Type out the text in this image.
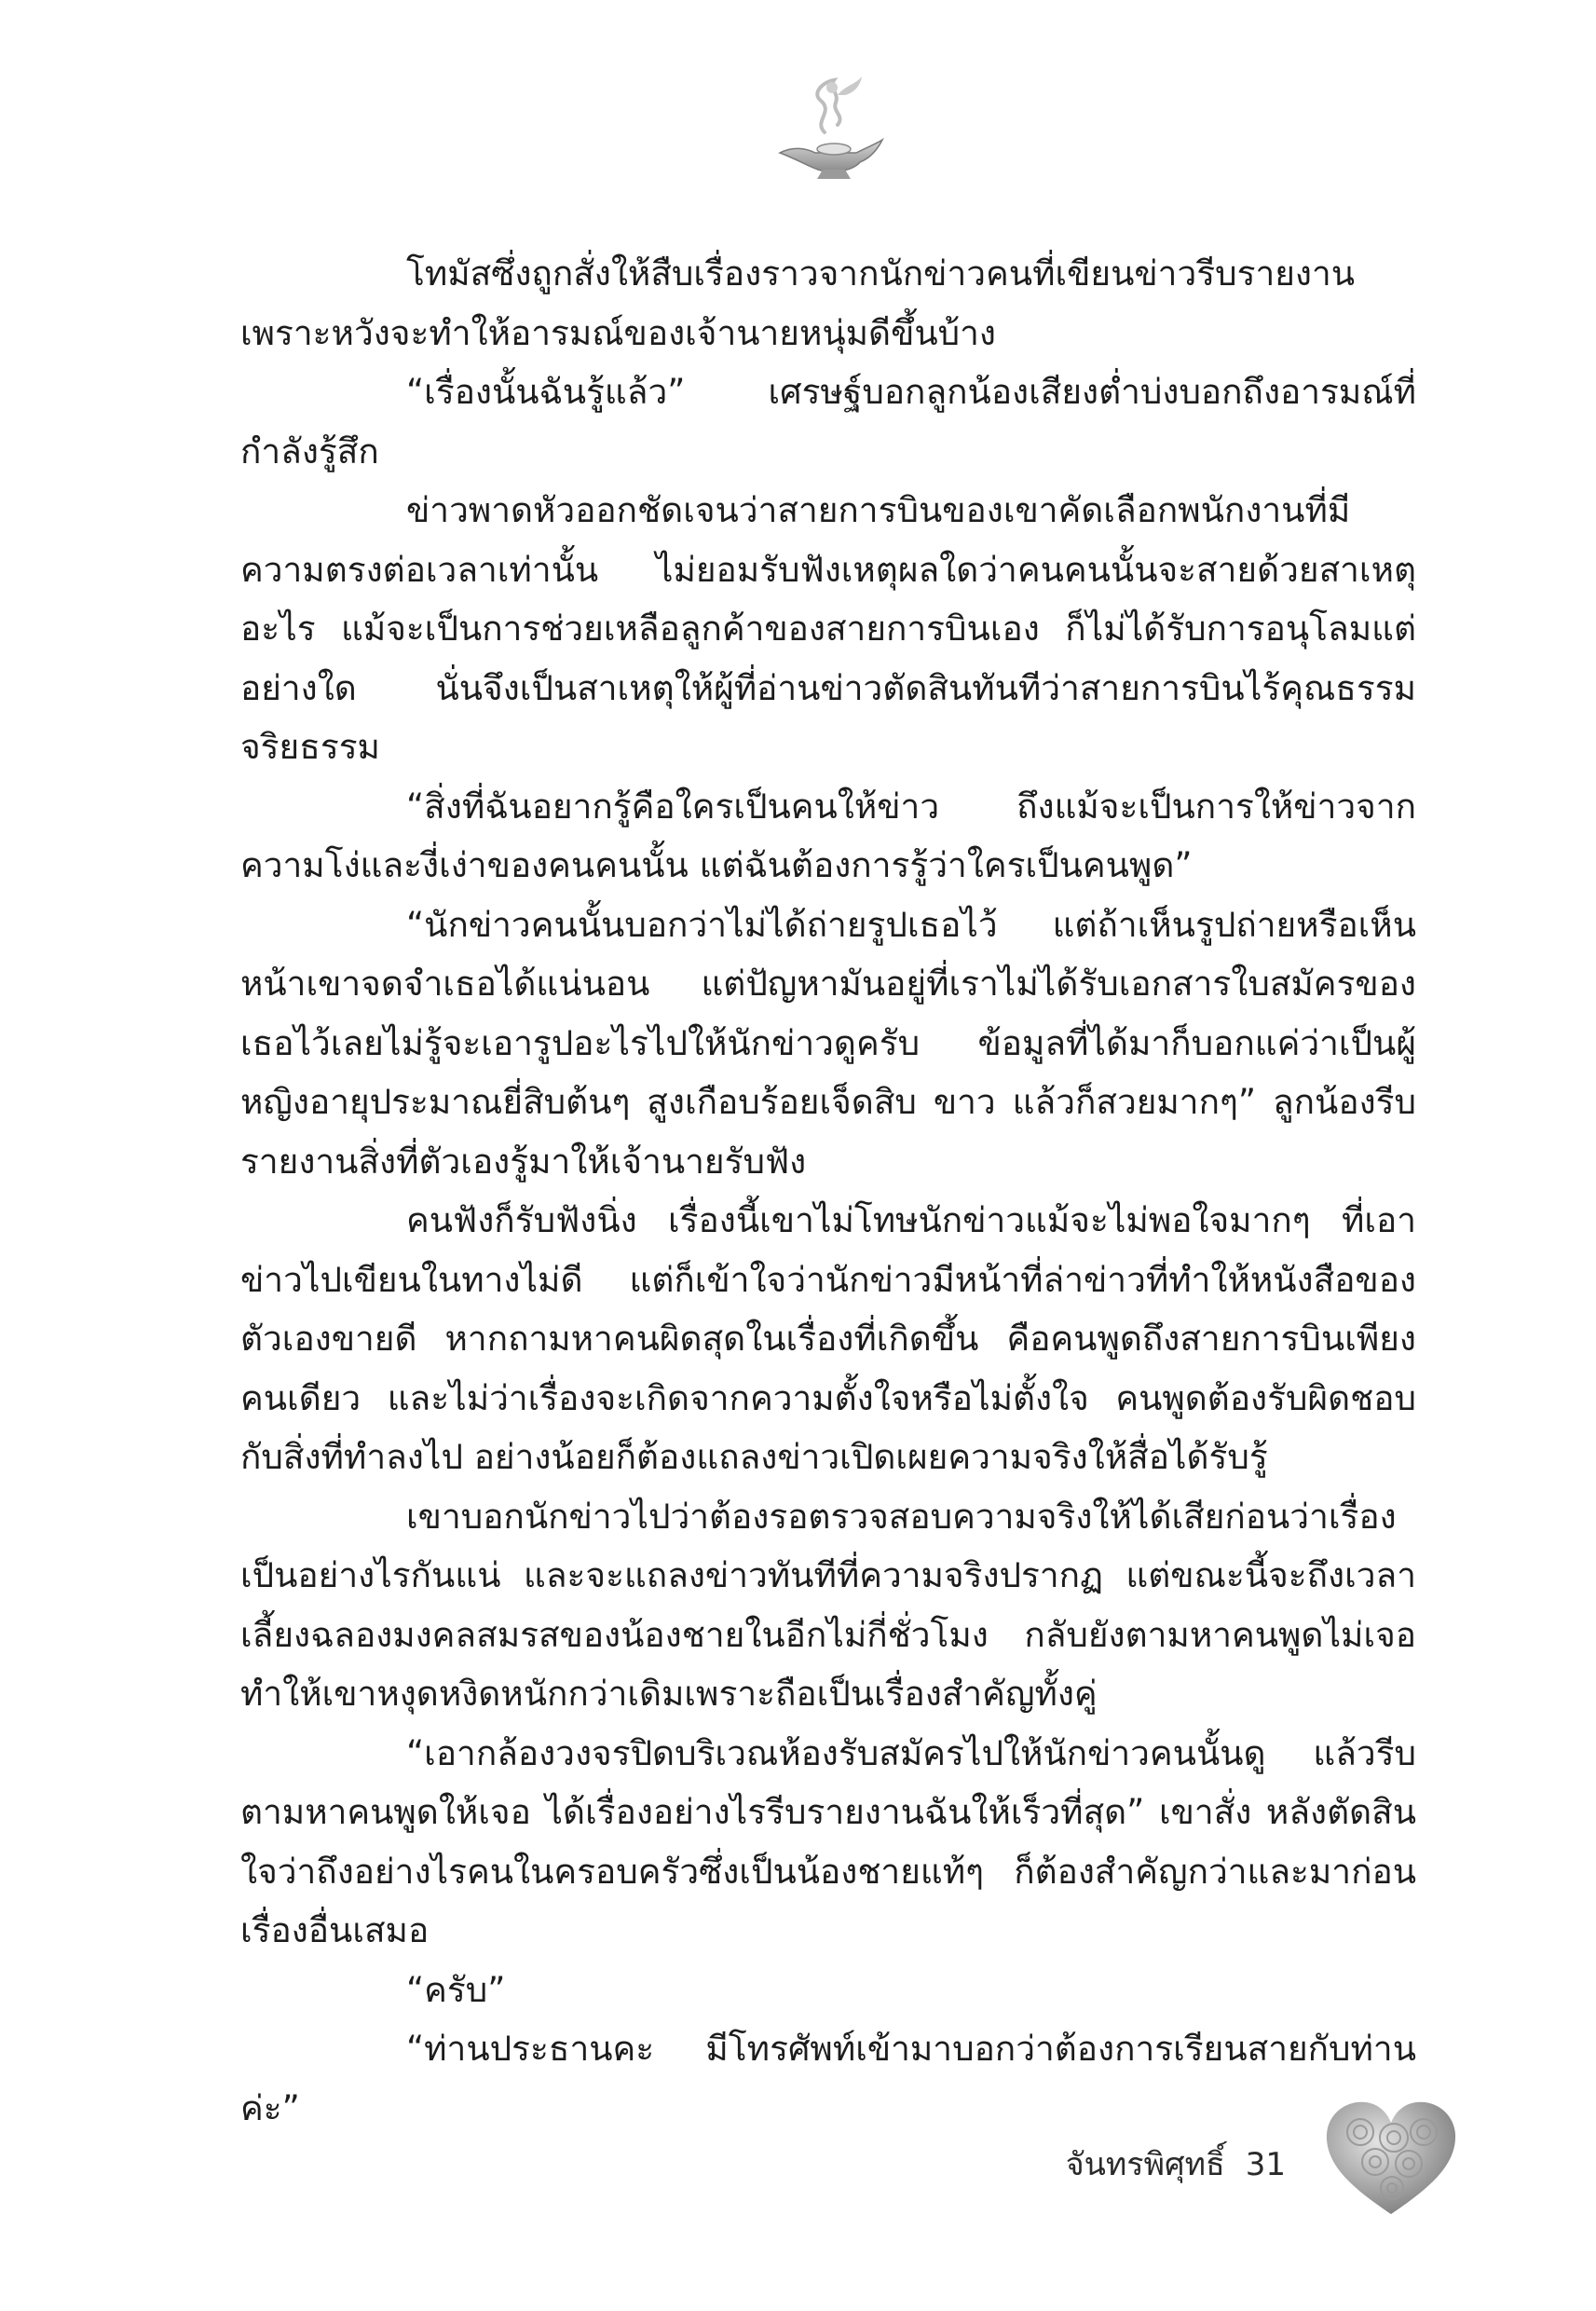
โทมัสซึ่งถูกสั่งให้สืบเรื่องราวจากนักข่าวคนที่เขียนข่าวรีบรายงาน เพราะหวังจะทำให้อารมณ์ของเจ้านายหนุ่มดีขึ้นบ้าง

“เรื่องนั้นฉันรู้แล้ว” เศรษฐ์บอกลูกน้องเสียงต่ำบ่งบอกถึงอารมณ์ที่กำลังรู้สึก

ข่าวพาดหัวออกชัดเจนว่าสายการบินของเขาคัดเลือกพนักงานที่มีความตรงต่อเวลาเท่านั้น ไม่ยอมรับฟังเหตุผลใดว่าคนคนนั้นจะสายด้วยสาเหตุอะไร แม้จะเป็นการช่วยเหลือลูกค้าของสายการบินเอง ก็ไม่ได้รับการอนุโลมแต่อย่างใด นั่นจึงเป็นสาเหตุให้ผู้ที่อ่านข่าวตัดสินทันทีว่าสายการบินไร้คุณธรรมจริยธรรม

“สิ่งที่ฉันอยากรู้คือใครเป็นคนให้ข่าว ถึงแม้จะเป็นการให้ข่าวจากความโง่และงี่เง่าของคนคนนั้น แต่ฉันต้องการรู้ว่าใครเป็นคนพูด”

“นักข่าวคนนั้นบอกว่าไม่ได้ถ่ายรูปเธอไว้ แต่ถ้าเห็นรูปถ่ายหรือเห็นหน้าเขาจดจำเธอได้แน่นอน แต่ปัญหามันอยู่ที่เราไม่ได้รับเอกสารใบสมัครของเธอไว้เลยไม่รู้จะเอารูปอะไรไปให้นักข่าวดูครับ ข้อมูลที่ได้มาก็บอกแค่ว่าเป็นผู้หญิงอายุประมาณยี่สิบต้นๆ สูงเกือบร้อยเจ็ดสิบ ขาว แล้วก็สวยมากๆ” ลูกน้องรีบรายงานสิ่งที่ตัวเองรู้มาให้เจ้านายรับฟัง

คนฟังก็รับฟังนิ่ง เรื่องนี้เขาไม่โทษนักข่าวแม้จะไม่พอใจมากๆ ที่เอาข่าวไปเขียนในทางไม่ดี แต่ก็เข้าใจว่านักข่าวมีหน้าที่ล่าข่าวที่ทำให้หนังสือของตัวเองขายดี หากถามหาคนผิดสุดในเรื่องที่เกิดขึ้น คือคนพูดถึงสายการบินเพียงคนเดียว และไม่ว่าเรื่องจะเกิดจากความตั้งใจหรือไม่ตั้งใจ คนพูดต้องรับผิดชอบกับสิ่งที่ทำลงไป อย่างน้อยก็ต้องแถลงข่าวเปิดเผยความจริงให้สื่อได้รับรู้

เขาบอกนักข่าวไปว่าต้องรอตรวจสอบความจริงให้ได้เสียก่อนว่าเรื่องเป็นอย่างไรกันแน่ และจะแถลงข่าวทันทีที่ความจริงปรากฏ แต่ขณะนี้จะถึงเวลาเลี้ยงฉลองมงคลสมรสของน้องชายในอีกไม่กี่ชั่วโมง กลับยังตามหาคนพูดไม่เจอทำให้เขาหงุดหงิดหนักกว่าเดิมเพราะถือเป็นเรื่องสำคัญทั้งคู่

“เอากล้องวงจรปิดบริเวณห้องรับสมัครไปให้นักข่าวคนนั้นดู แล้วรีบตามหาคนพูดให้เจอ ได้เรื่องอย่างไรรีบรายงานฉันให้เร็วที่สุด” เขาสั่ง หลังตัดสินใจว่าถึงอย่างไรคนในครอบครัวซึ่งเป็นน้องชายแท้ๆ ก็ต้องสำคัญกว่าและมาก่อนเรื่องอื่นเสมอ

“ครับ”

“ท่านประธานคะ มีโทรศัพท์เข้ามาบอกว่าต้องการเรียนสายกับท่านค่ะ”

จันทรพิศุทธิ์ 31
